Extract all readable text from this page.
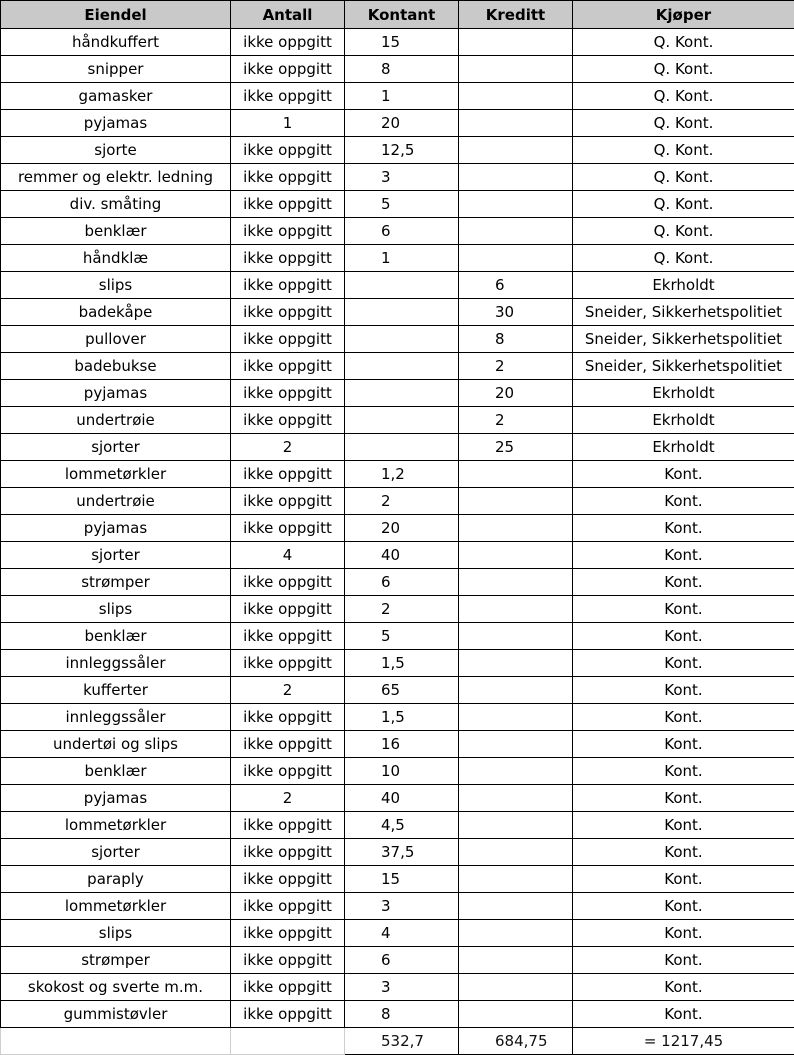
Eiendel	Antall	Kontant	Kreditt	Kjøper
håndkuffert	ikke oppgitt	15		Q. Kont.
snipper	ikke oppgitt	8		Q. Kont.
gamasker	ikke oppgitt	1		Q. Kont.
pyjamas	1	20		Q. Kont.
sjorte	ikke oppgitt	12,5		Q. Kont.
remmer og elektr. ledning	ikke oppgitt	3		Q. Kont.
div. småting	ikke oppgitt	5		Q. Kont.
benklær	ikke oppgitt	6		Q. Kont.
håndklæ	ikke oppgitt	1		Q. Kont.
slips	ikke oppgitt		6	Ekrholdt
badekåpe	ikke oppgitt		30	Sneider, Sikkerhetspolitiet
pullover	ikke oppgitt		8	Sneider, Sikkerhetspolitiet
badebukse	ikke oppgitt		2	Sneider, Sikkerhetspolitiet
pyjamas	ikke oppgitt		20	Ekrholdt
undertrøie	ikke oppgitt		2	Ekrholdt
sjorter	2		25	Ekrholdt
lommetørkler	ikke oppgitt	1,2		Kont.
undertrøie	ikke oppgitt	2		Kont.
pyjamas	ikke oppgitt	20		Kont.
sjorter	4	40		Kont.
strømper	ikke oppgitt	6		Kont.
slips	ikke oppgitt	2		Kont.
benklær	ikke oppgitt	5		Kont.
innleggssåler	ikke oppgitt	1,5		Kont.
kufferter	2	65		Kont.
innleggssåler	ikke oppgitt	1,5		Kont.
undertøi og slips	ikke oppgitt	16		Kont.
benklær	ikke oppgitt	10		Kont.
pyjamas	2	40		Kont.
lommetørkler	ikke oppgitt	4,5		Kont.
sjorter	ikke oppgitt	37,5		Kont.
paraply	ikke oppgitt	15		Kont.
lommetørkler	ikke oppgitt	3		Kont.
slips	ikke oppgitt	4		Kont.
strømper	ikke oppgitt	6		Kont.
skokost og sverte m.m.	ikke oppgitt	3		Kont.
gummistøvler	ikke oppgitt	8		Kont.
		532,7	684,75	= 1217,45
